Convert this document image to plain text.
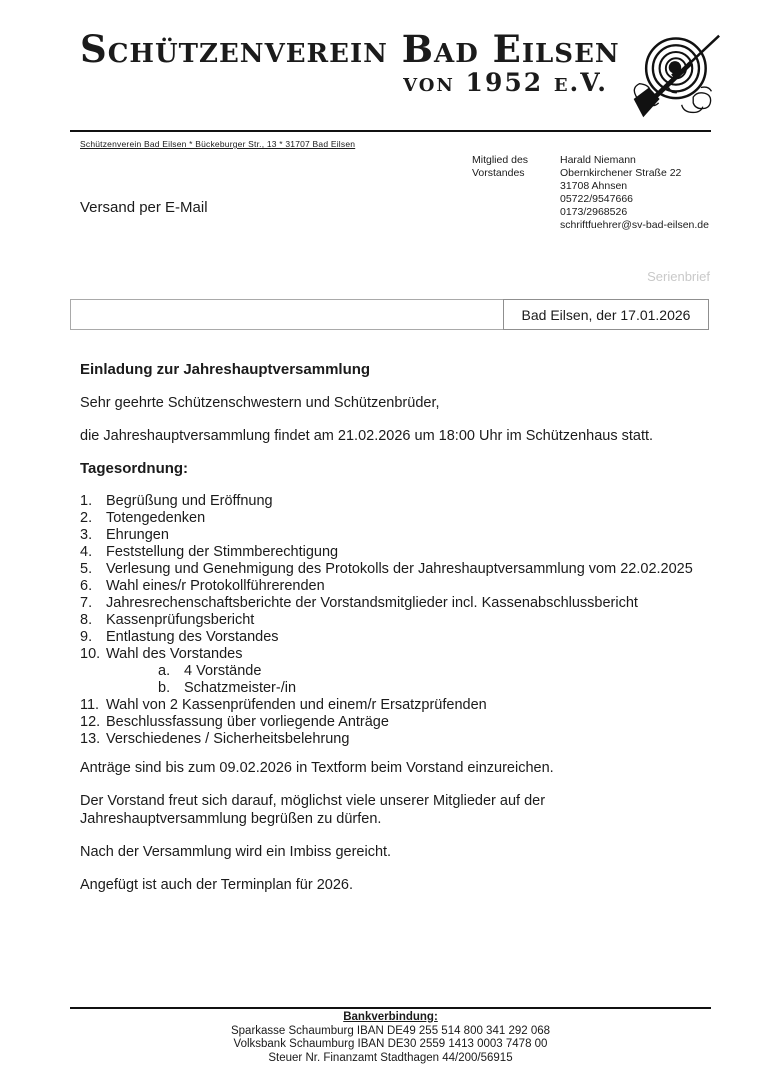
Schützenverein Bad Eilsen
von 1952 e.V.
Schützenverein Bad Eilsen * Bückeburger Str., 13 * 31707 Bad Eilsen
Mitglied des Vorstandes
Harald Niemann
Obernkirchener Straße 22
31708 Ahnsen
05722/9547666
0173/2968526
schriftfuehrer@sv-bad-eilsen.de
Versand per E-Mail
Serienbrief
Bad Eilsen, der 17.01.2026
Einladung zur Jahreshauptversammlung

Sehr geehrte Schützenschwestern und Schützenbrüder,

die Jahreshauptversammlung findet am 21.02.2026 um 18:00 Uhr im Schützenhaus statt.

Tagesordnung:
1. Begrüßung und Eröffnung
2. Totengedenken
3. Ehrungen
4. Feststellung der Stimmberechtigung
5. Verlesung und Genehmigung des Protokolls der Jahreshauptversammlung vom 22.02.2025
6. Wahl eines/r Protokollführerenden
7. Jahresrechenschaftsberichte der Vorstandsmitglieder incl. Kassenabschlussbericht
8. Kassenprüfungsbericht
9. Entlastung des Vorstandes
10. Wahl des Vorstandes
a. 4 Vorstände
b. Schatzmeister-/in
11. Wahl von 2 Kassenprüfenden und einem/r Ersatzprüfenden
12. Beschlussfassung über vorliegende Anträge
13. Verschiedenes / Sicherheitsbelehrung

Anträge sind bis zum 09.02.2026 in Textform beim Vorstand einzureichen.

Der Vorstand freut sich darauf, möglichst viele unserer Mitglieder auf der Jahreshauptversammlung begrüßen zu dürfen.

Nach der Versammlung wird ein Imbiss gereicht.

Angefügt ist auch der Terminplan für 2026.

Bankverbindung:
Sparkasse Schaumburg IBAN DE49 255 514 800 341 292 068
Volksbank Schaumburg IBAN DE30 2559 1413 0003 7478 00
Steuer Nr. Finanzamt Stadthagen 44/200/56915
